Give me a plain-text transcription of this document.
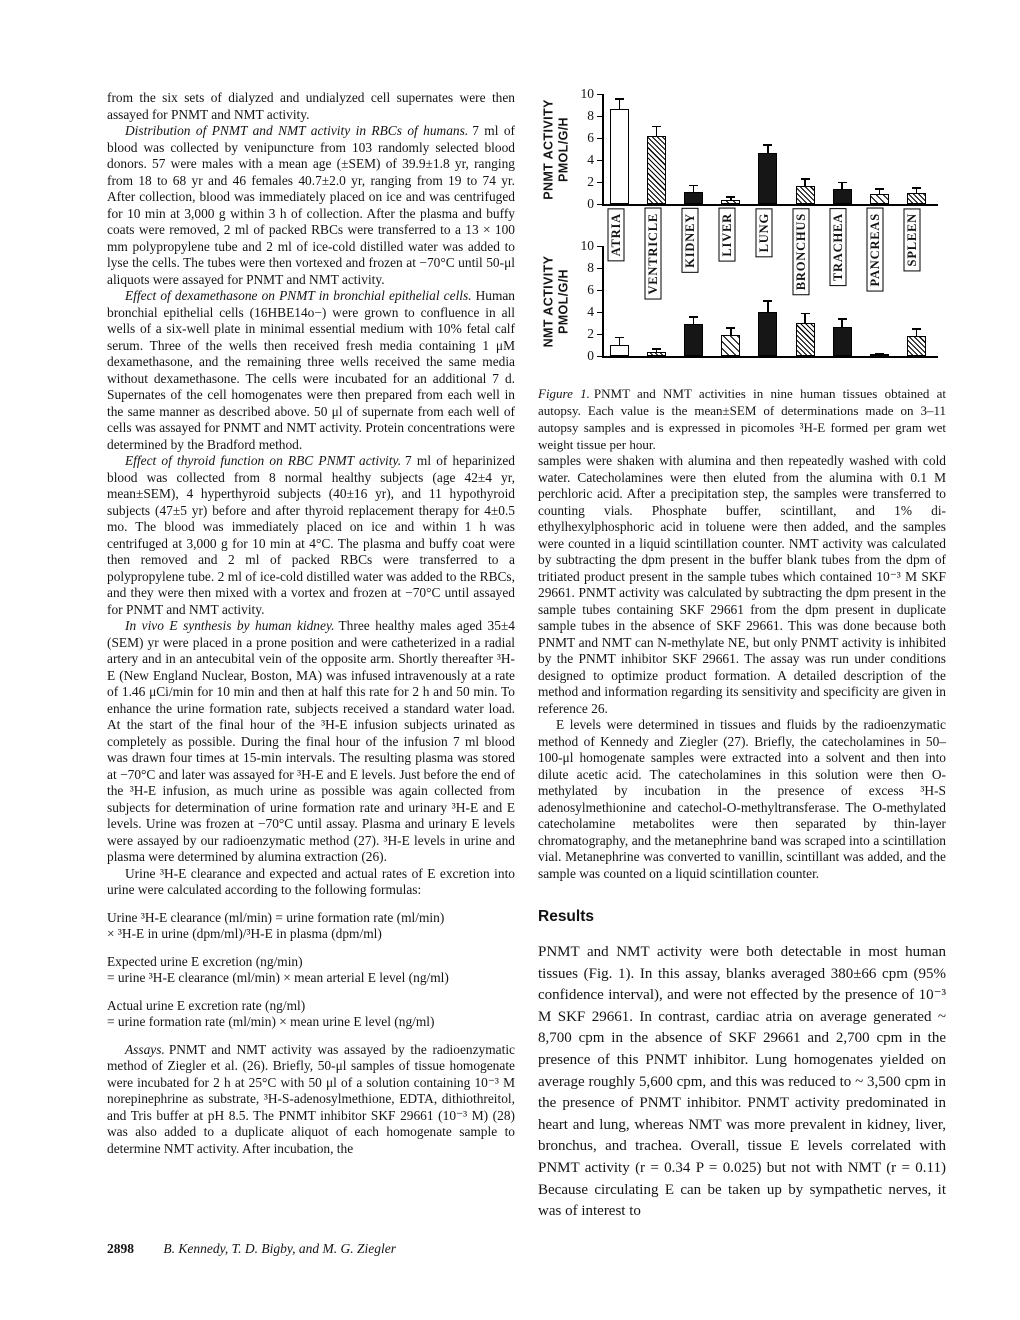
from the six sets of dialyzed and undialyzed cell supernates were then assayed for PNMT and NMT activity.

Distribution of PNMT and NMT activity in RBCs of humans. 7 ml of blood was collected by venipuncture from 103 randomly selected blood donors. 57 were males with a mean age (±SEM) of 39.9±1.8 yr, ranging from 18 to 68 yr and 46 females 40.7±2.0 yr, ranging from 19 to 74 yr. After collection, blood was immediately placed on ice and was centrifuged for 10 min at 3,000 g within 3 h of collection. After the plasma and buffy coats were removed, 2 ml of packed RBCs were transferred to a 13 × 100 mm polypropylene tube and 2 ml of ice-cold distilled water was added to lyse the cells. The tubes were then vortexed and frozen at −70°C until 50-μl aliquots were assayed for PNMT and NMT activity.

Effect of dexamethasone on PNMT in bronchial epithelial cells. Human bronchial epithelial cells (16HBE14o−) were grown to confluence in all wells of a six-well plate in minimal essential medium with 10% fetal calf serum. Three of the wells then received fresh media containing 1 μM dexamethasone, and the remaining three wells received the same media without dexamethasone. The cells were incubated for an additional 7 d. Supernates of the cell homogenates were then prepared from each well in the same manner as described above. 50 μl of supernate from each well of cells was assayed for PNMT and NMT activity. Protein concentrations were determined by the Bradford method.

Effect of thyroid function on RBC PNMT activity. 7 ml of heparinized blood was collected from 8 normal healthy subjects (age 42±4 yr, mean±SEM), 4 hyperthyroid subjects (40±16 yr), and 11 hypothyroid subjects (47±5 yr) before and after thyroid replacement therapy for 4±0.5 mo. The blood was immediately placed on ice and within 1 h was centrifuged at 3,000 g for 10 min at 4°C. The plasma and buffy coat were then removed and 2 ml of packed RBCs were transferred to a polypropylene tube. 2 ml of ice-cold distilled water was added to the RBCs, and they were then mixed with a vortex and frozen at −70°C until assayed for PNMT and NMT activity.

In vivo E synthesis by human kidney. Three healthy males aged 35±4 (SEM) yr were placed in a prone position and were catheterized in a radial artery and in an antecubital vein of the opposite arm. Shortly thereafter ³H-E (New England Nuclear, Boston, MA) was infused intravenously at a rate of 1.46 μCi/min for 10 min and then at half this rate for 2 h and 50 min. To enhance the urine formation rate, subjects received a standard water load. At the start of the final hour of the ³H-E infusion subjects urinated as completely as possible. During the final hour of the infusion 7 ml blood was drawn four times at 15-min intervals. The resulting plasma was stored at −70°C and later was assayed for ³H-E and E levels. Just before the end of the ³H-E infusion, as much urine as possible was again collected from subjects for determination of urine formation rate and urinary ³H-E and E levels. Urine was frozen at −70°C until assay. Plasma and urinary E levels were assayed by our radioenzymatic method (27). ³H-E levels in urine and plasma were determined by alumina extraction (26).

Urine ³H-E clearance and expected and actual rates of E excretion into urine were calculated according to the following formulas:

Urine ³H-E clearance (ml/min) = urine formation rate (ml/min)
× ³H-E in urine (dpm/ml)/³H-E in plasma (dpm/ml)

Expected urine E excretion (ng/min)
= urine ³H-E clearance (ml/min) × mean arterial E level (ng/ml)

Actual urine E excretion rate (ng/ml)
= urine formation rate (ml/min) × mean urine E level (ng/ml)

Assays. PNMT and NMT activity was assayed by the radioenzymatic method of Ziegler et al. (26). Briefly, 50-μl samples of tissue homogenate were incubated for 2 h at 25°C with 50 μl of a solution containing 10⁻³ M norepinephrine as substrate, ³H-S-adenosylmethione, EDTA, dithiothreitol, and Tris buffer at pH 8.5. The PNMT inhibitor SKF 29661 (10⁻³ M) (28) was also added to a duplicate aliquot of each homogenate sample to determine NMT activity. After incubation, the

PNMT ACTIVITY PMOL/G/H
0
2
4
6
8
10
NMT ACTIVITY PMOL/G/H
0
2
4
6
8
10 ATRIA VENTRICLE KIDNEY LIVER LUNG BRONCHUS TRACHEA PANCREAS SPLEEN

Figure 1. PNMT and NMT activities in nine human tissues obtained at autopsy. Each value is the mean±SEM of determinations made on 3–11 autopsy samples and is expressed in picomoles ³H-E formed per gram wet weight tissue per hour.

samples were shaken with alumina and then repeatedly washed with cold water. Catecholamines were then eluted from the alumina with 0.1 M perchloric acid. After a precipitation step, the samples were transferred to counting vials. Phosphate buffer, scintillant, and 1% di-ethylhexylphosphoric acid in toluene were then added, and the samples were counted in a liquid scintillation counter. NMT activity was calculated by subtracting the dpm present in the buffer blank tubes from the dpm of tritiated product present in the sample tubes which contained 10⁻³ M SKF 29661. PNMT activity was calculated by subtracting the dpm present in the sample tubes containing SKF 29661 from the dpm present in duplicate sample tubes in the absence of SKF 29661. This was done because both PNMT and NMT can N-methylate NE, but only PNMT activity is inhibited by the PNMT inhibitor SKF 29661. The assay was run under conditions designed to optimize product formation. A detailed description of the method and information regarding its sensitivity and specificity are given in reference 26.

E levels were determined in tissues and fluids by the radioenzymatic method of Kennedy and Ziegler (27). Briefly, the catecholamines in 50–100-μl homogenate samples were extracted into a solvent and then into dilute acetic acid. The catecholamines in this solution were then O-methylated by incubation in the presence of excess ³H-S adenosylmethionine and catechol-O-methyltransferase. The O-methylated catecholamine metabolites were then separated by thin-layer chromatography, and the metanephrine band was scraped into a scintillation vial. Metanephrine was converted to vanillin, scintillant was added, and the sample was counted on a liquid scintillation counter.

Results

PNMT and NMT activity were both detectable in most human tissues (Fig. 1). In this assay, blanks averaged 380±66 cpm (95% confidence interval), and were not effected by the presence of 10⁻³ M SKF 29661. In contrast, cardiac atria on average generated ~ 8,700 cpm in the absence of SKF 29661 and 2,700 cpm in the presence of this PNMT inhibitor. Lung homogenates yielded on average roughly 5,600 cpm, and this was reduced to ~ 3,500 cpm in the presence of PNMT inhibitor. PNMT activity predominated in heart and lung, whereas NMT was more prevalent in kidney, liver, bronchus, and trachea. Overall, tissue E levels correlated with PNMT activity (r = 0.34 P = 0.025) but not with NMT (r = 0.11) Because circulating E can be taken up by sympathetic nerves, it was of interest to

2898 B. Kennedy, T. D. Bigby, and M. G. Ziegler
